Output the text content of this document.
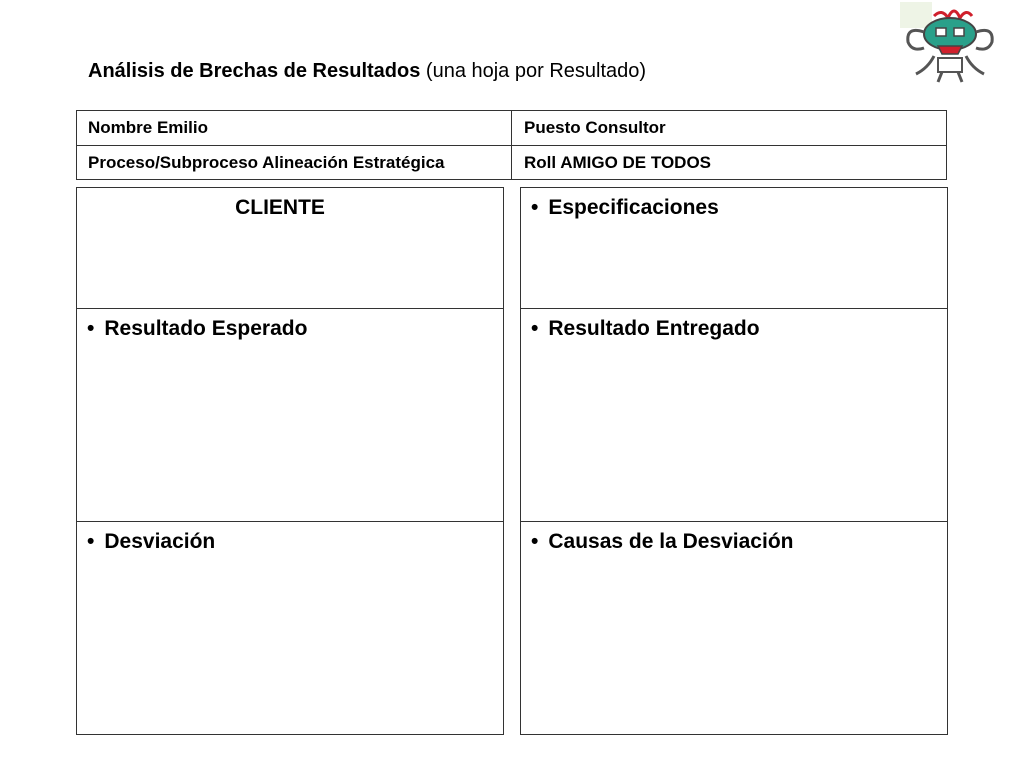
Análisis de Brechas de Resultados (una hoja por Resultado)
Nombre Emilio	Puesto Consultor
Proceso/Subproceso Alineación Estratégica	Roll AMIGO DE TODOS
CLIENTE
• Resultado Esperado
• Desviación
• Especificaciones
• Resultado Entregado
• Causas de la Desviación
